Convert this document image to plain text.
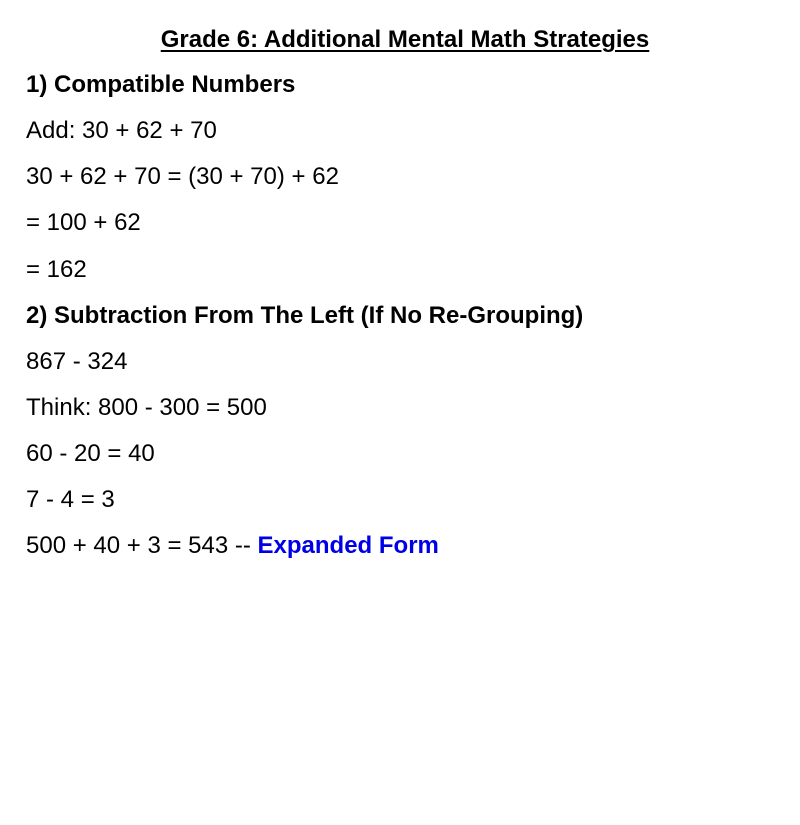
Grade 6: Additional Mental Math Strategies
1) Compatible Numbers
Add: 30 + 62 + 70
30 + 62 + 70 = (30 + 70) + 62
= 100 + 62
= 162
2) Subtraction From The Left (If No Re-Grouping)
867 - 324
Think: 800 - 300 = 500
60 - 20 = 40
7 - 4 = 3
500 + 40 + 3 = 543 -- Expanded Form
